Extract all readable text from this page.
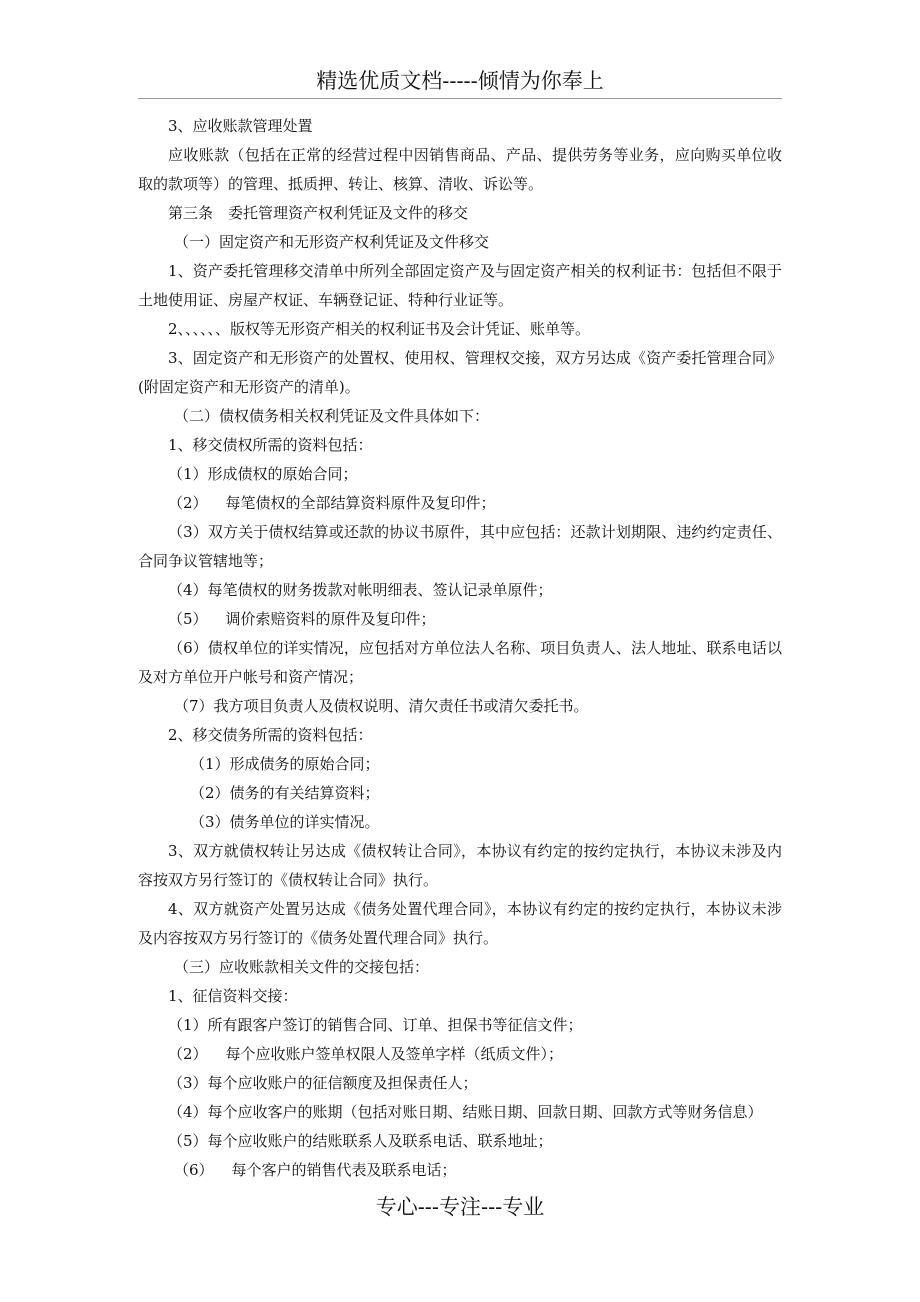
精选优质文档-----倾情为你奉上

3、应收账款管理处置

应收账款（包括在正常的经营过程中因销售商品、产品、提供劳务等业务，应向购买单位收取的款项等）的管理、抵质押、转让、核算、清收、诉讼等。

第三条　委托管理资产权利凭证及文件的移交

（一）固定资产和无形资产权利凭证及文件移交

1、资产委托管理移交清单中所列全部固定资产及与固定资产相关的权利证书：包括但不限于土地使用证、房屋产权证、车辆登记证、特种行业证等。

2、、、、、、版权等无形资产相关的权利证书及会计凭证、账单等。

3、固定资产和无形资产的处置权、使用权、管理权交接，双方另达成《资产委托管理合同》(附固定资产和无形资产的清单)。

（二）债权债务相关权利凭证及文件具体如下：

1、移交债权所需的资料包括：

（1）形成债权的原始合同；

（2） 每笔债权的全部结算资料原件及复印件；

（3）双方关于债权结算或还款的协议书原件，其中应包括：还款计划期限、违约约定责任、合同争议管辖地等；

（4）每笔债权的财务拨款对帐明细表、签认记录单原件；

（5） 调价索赔资料的原件及复印件；

（6）债权单位的详实情况，应包括对方单位法人名称、项目负责人、法人地址、联系电话以及对方单位开户帐号和资产情况；

（7）我方项目负责人及债权说明、清欠责任书或清欠委托书。

2、移交债务所需的资料包括：

（1）形成债务的原始合同；

（2）债务的有关结算资料；

（3）债务单位的详实情况。

3、双方就债权转让另达成《债权转让合同》，本协议有约定的按约定执行，本协议未涉及内容按双方另行签订的《债权转让合同》执行。

4、双方就资产处置另达成《债务处置代理合同》，本协议有约定的按约定执行，本协议未涉及内容按双方另行签订的《债务处置代理合同》执行。

（三）应收账款相关文件的交接包括：

1、征信资料交接：

（1）所有跟客户签订的销售合同、订单、担保书等征信文件；

（2） 每个应收账户签单权限人及签单字样（纸质文件）；

（3）每个应收账户的征信额度及担保责任人；

（4）每个应收客户的账期（包括对账日期、结账日期、回款日期、回款方式等财务信息）

（5）每个应收账户的结账联系人及联系电话、联系地址；

（6） 每个客户的销售代表及联系电话；

专心---专注---专业
